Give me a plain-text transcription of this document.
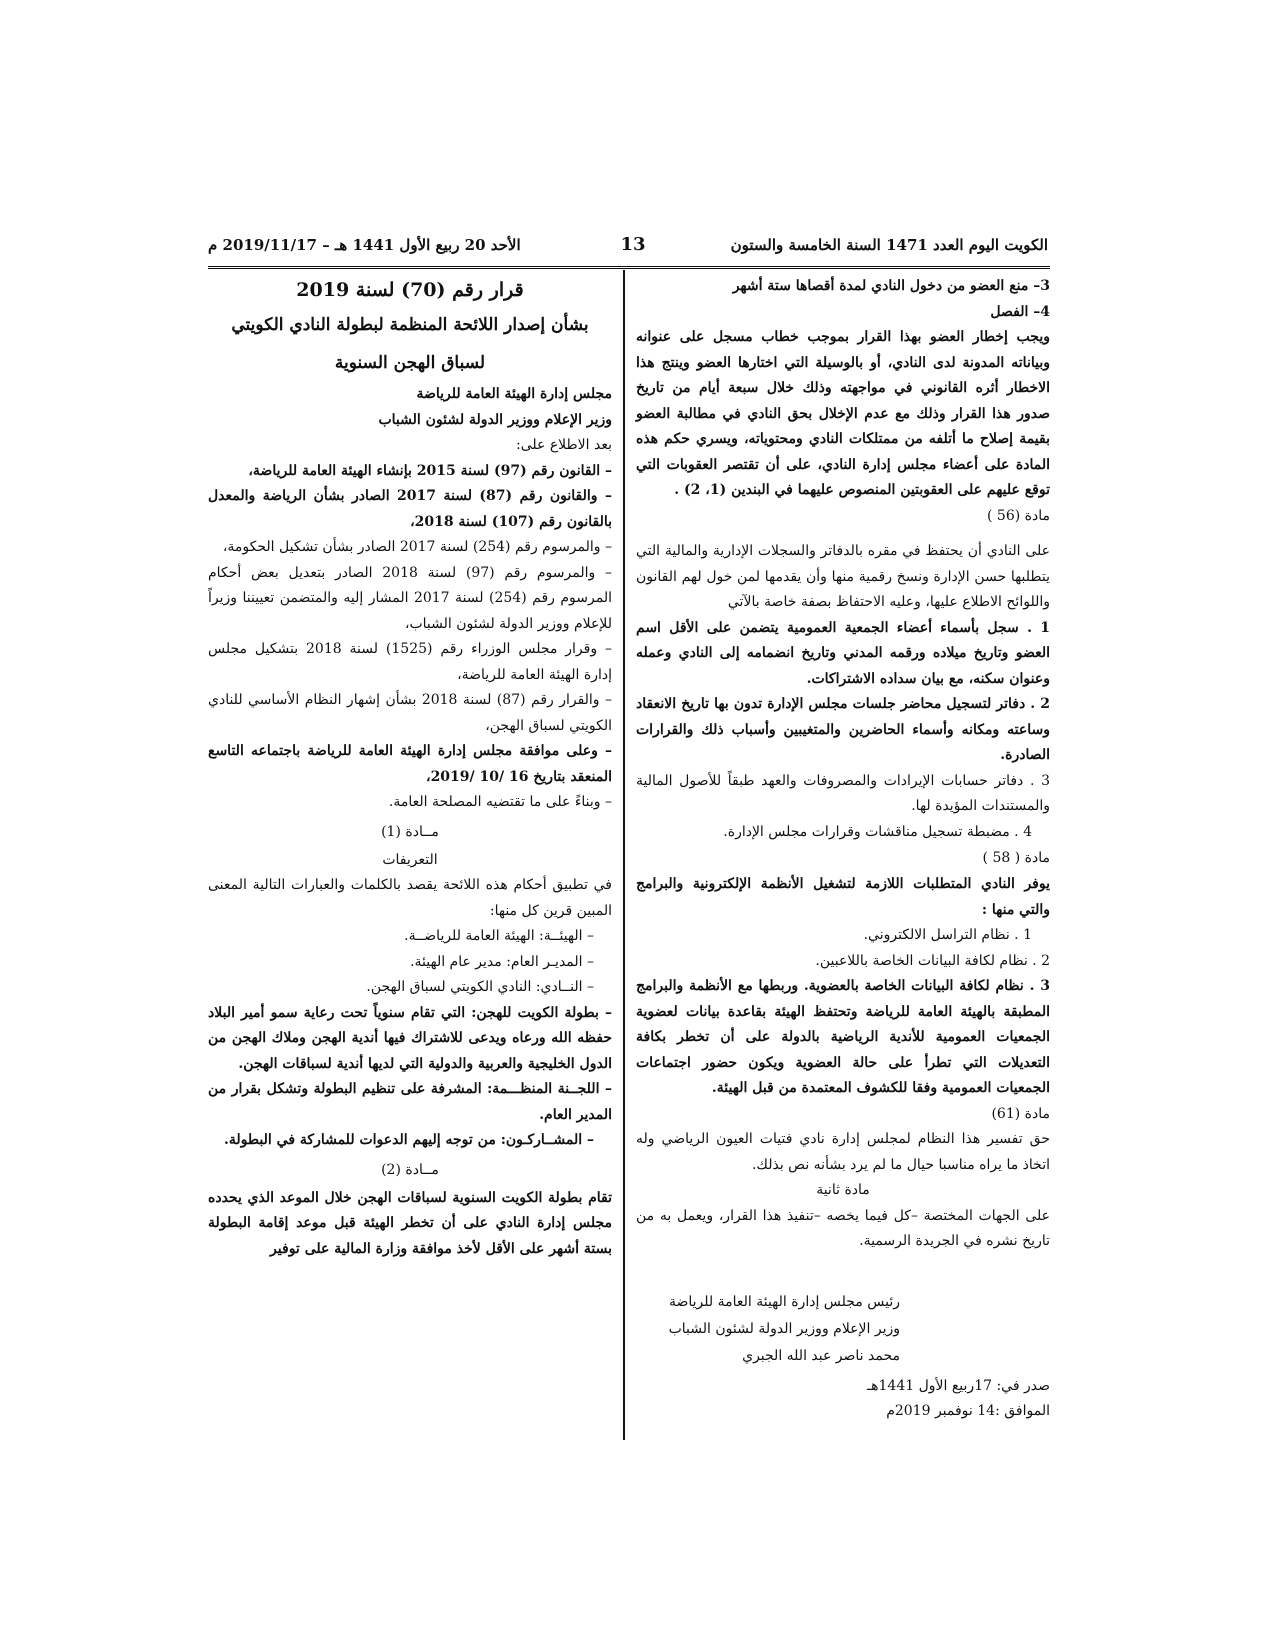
الأحد 20 ربيع الأول 1441 هـ – 2019/11/17 م	13	الكويت اليوم العدد 1471 السنة الخامسة والستون

3– منع العضو من دخول النادي لمدة أقصاها ستة أشهر

4– الفصل

ويجب إخطار العضو بهذا القرار بموجب خطاب مسجل على عنوانه وبياناته المدونة لدى النادي، أو بالوسيلة التي اختارها العضو وينتج هذا الاخطار أثره القانوني في مواجهته وذلك خلال سبعة أيام من تاريخ صدور هذا القرار وذلك مع عدم الإخلال بحق النادي في مطالبة العضو بقيمة إصلاح ما أتلفه من ممتلكات النادي ومحتوياته، ويسري حكم هذه المادة على أعضاء مجلس إدارة النادي، على أن تقتصر العقوبات التي توقع عليهم على العقوبتين المنصوص عليهما في البندين (1، 2) .

مادة (56 )

على النادي أن يحتفظ في مقره بالدفاتر والسجلات الإدارية والمالية التي يتطلبها حسن الإدارة ونسخ رقمية منها وأن يقدمها لمن خول لهم القانون واللوائح الاطلاع عليها، وعليه الاحتفاظ بصفة خاصة بالآتي

1 . سجل بأسماء أعضاء الجمعية العمومية يتضمن على الأقل اسم العضو وتاريخ ميلاده ورقمه المدني وتاريخ انضمامه إلى النادي وعمله وعنوان سكنه، مع بيان سداده الاشتراكات.

2 . دفاتر لتسجيل محاضر جلسات مجلس الإدارة تدون بها تاريخ الانعقاد وساعته ومكانه وأسماء الحاضرين والمتغيبين وأسباب ذلك والقرارات الصادرة.

3 . دفاتر حسابات الإيرادات والمصروفات والعهد طبقاً للأصول المالية والمستندات المؤيدة لها.

4 . مضبطة تسجيل مناقشات وقرارات مجلس الإدارة.

مادة ( 58 )

يوفر النادي المتطلبات اللازمة لتشغيل الأنظمة الإلكترونية والبرامج والتي منها :

1 . نظام التراسل الالكتروني.

2 . نظام لكافة البيانات الخاصة باللاعبين.

3 . نظام لكافة البيانات الخاصة بالعضوية. وربطها مع الأنظمة والبرامج المطبقة بالهيئة العامة للرياضة وتحتفظ الهيئة بقاعدة بيانات لعضوية الجمعيات العمومية للأندية الرياضية بالدولة على أن تخطر بكافة التعديلات التي تطرأ على حالة العضوية ويكون حضور اجتماعات الجمعيات العمومية وفقا للكشوف المعتمدة من قبل الهيئة.

مادة (61)

حق تفسير هذا النظام لمجلس إدارة نادي فتيات العيون الرياضي وله اتخاذ ما يراه مناسبا حيال ما لم يرد بشأنه نص بذلك.

مادة ثانية

على الجهات المختصة –كل فيما يخصه –تنفيذ هذا القرار، ويعمل به من تاريخ نشره في الجريدة الرسمية.

رئيس مجلس إدارة الهيئة العامة للرياضة

وزير الإعلام ووزير الدولة لشئون الشباب

محمد ناصر عبد الله الجبري

صدر في: 17ربيع الأول 1441هـ

الموافق :14 نوفمبر 2019م

قرار رقم (70) لسنة 2019

بشأن إصدار اللائحة المنظمة لبطولة النادي الكويتي

لسباق الهجن السنوية

مجلس إدارة الهيئة العامة للرياضة

وزير الإعلام ووزير الدولة لشئون الشباب

بعد الاطلاع على:

– القانون رقم (97) لسنة 2015 بإنشاء الهيئة العامة للرياضة،

– والقانون رقم (87) لسنة 2017 الصادر بشأن الرياضة والمعدل بالقانون رقم (107) لسنة 2018،

– والمرسوم رقم (254) لسنة 2017 الصادر بشأن تشكيل الحكومة،

– والمرسوم رقم (97) لسنة 2018 الصادر بتعديل بعض أحكام المرسوم رقم (254) لسنة 2017 المشار إليه والمتضمن تعييننا وزيراً للإعلام ووزير الدولة لشئون الشباب،

– وقرار مجلس الوزراء رقم (1525) لسنة 2018 بتشكيل مجلس إدارة الهيئة العامة للرياضة،

– والقرار رقم (87) لسنة 2018 بشأن إشهار النظام الأساسي للنادي الكويتي لسباق الهجن،

– وعلى موافقة مجلس إدارة الهيئة العامة للرياضة باجتماعه التاسع المنعقد بتاريخ 16 /10 /2019،

– وبناءً على ما تقتضيه المصلحة العامة.

مــادة (1)

التعريفات

في تطبيق أحكام هذه اللائحة يقصد بالكلمات والعبارات التالية المعنى المبين قرين كل منها:

– الهيئــة: الهيئة العامة للرياضــة.

– المديـر العام: مدير عام الهيئة.

– النــادي: النادي الكويتي لسباق الهجن.

– بطولة الكويت للهجن: التي تقام سنوياً تحت رعاية سمو أمير البلاد حفظه الله ورعاه ويدعى للاشتراك فيها أندية الهجن وملاك الهجن من الدول الخليجية والعربية والدولية التي لديها أندية لسباقات الهجن.

– اللجــنة المنظـــمة: المشرفة على تنظيم البطولة وتشكل بقرار من المدير العام.

– المشــاركـون: من توجه إليهم الدعوات للمشاركة في البطولة.

مــادة (2)

تقام بطولة الكويت السنوية لسباقات الهجن خلال الموعد الذي يحدده مجلس إدارة النادي على أن تخطر الهيئة قبل موعد إقامة البطولة بستة أشهر على الأقل لأخذ موافقة وزارة المالية على توفير
